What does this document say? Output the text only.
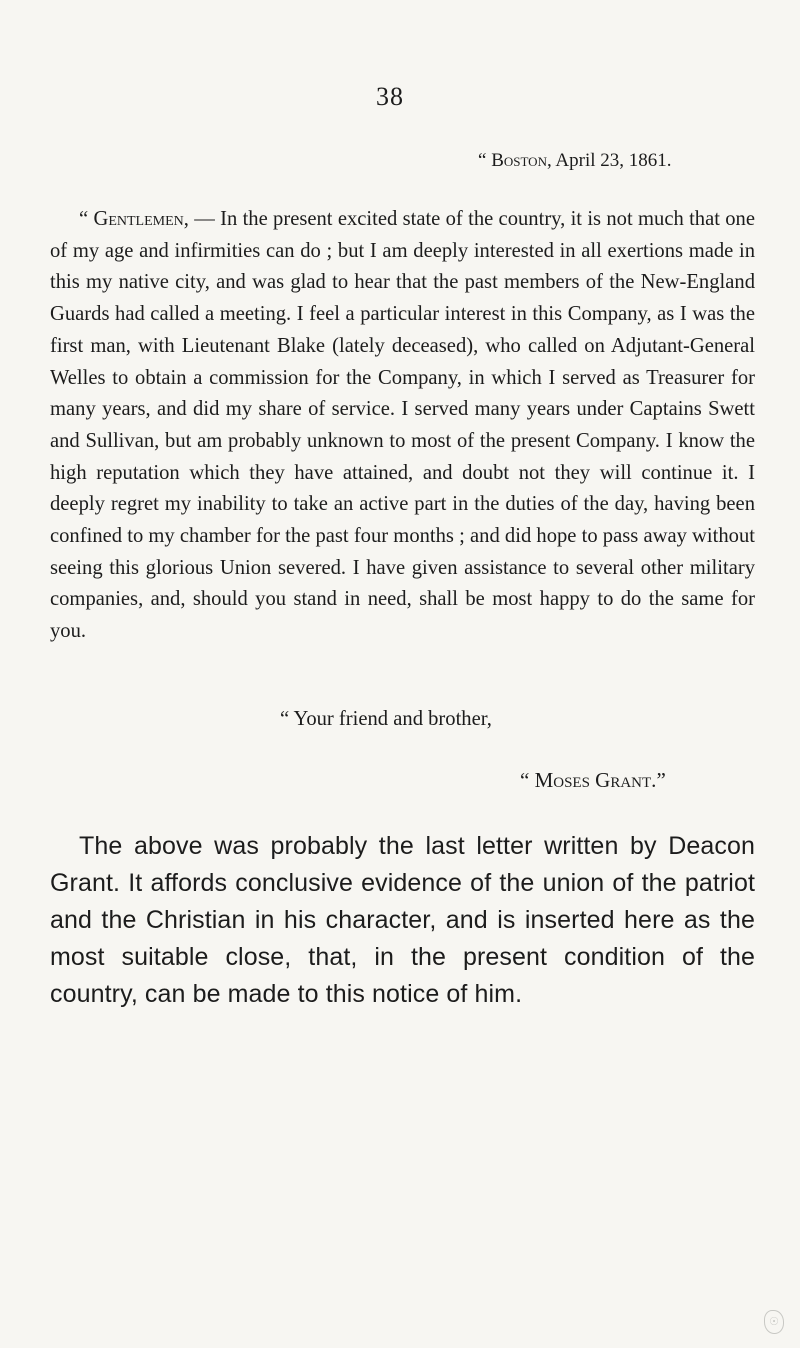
38
“ Boston, April 23, 1861.

“ Gentlemen, — In the present excited state of the country, it is not much that one of my age and infirmities can do ; but I am deeply interested in all exertions made in this my native city, and was glad to hear that the past members of the New-England Guards had called a meeting. I feel a particular interest in this Company, as I was the first man, with Lieutenant Blake (lately deceased), who called on Adjutant-General Welles to obtain a commission for the Company, in which I served as Treasurer for many years, and did my share of service. I served many years under Captains Swett and Sullivan, but am probably unknown to most of the present Company. I know the high reputation which they have attained, and doubt not they will continue it. I deeply regret my inability to take an active part in the duties of the day, having been confined to my chamber for the past four months ; and did hope to pass away without seeing this glorious Union severed. I have given assistance to several other military companies, and, should you stand in need, shall be most happy to do the same for you.

“ Your friend and brother,
“ Moses Grant.”

The above was probably the last letter written by Deacon Grant. It affords conclusive evidence of the union of the patriot and the Christian in his character, and is inserted here as the most suitable close, that, in the present condition of the country, can be made to this notice of him.

☉
